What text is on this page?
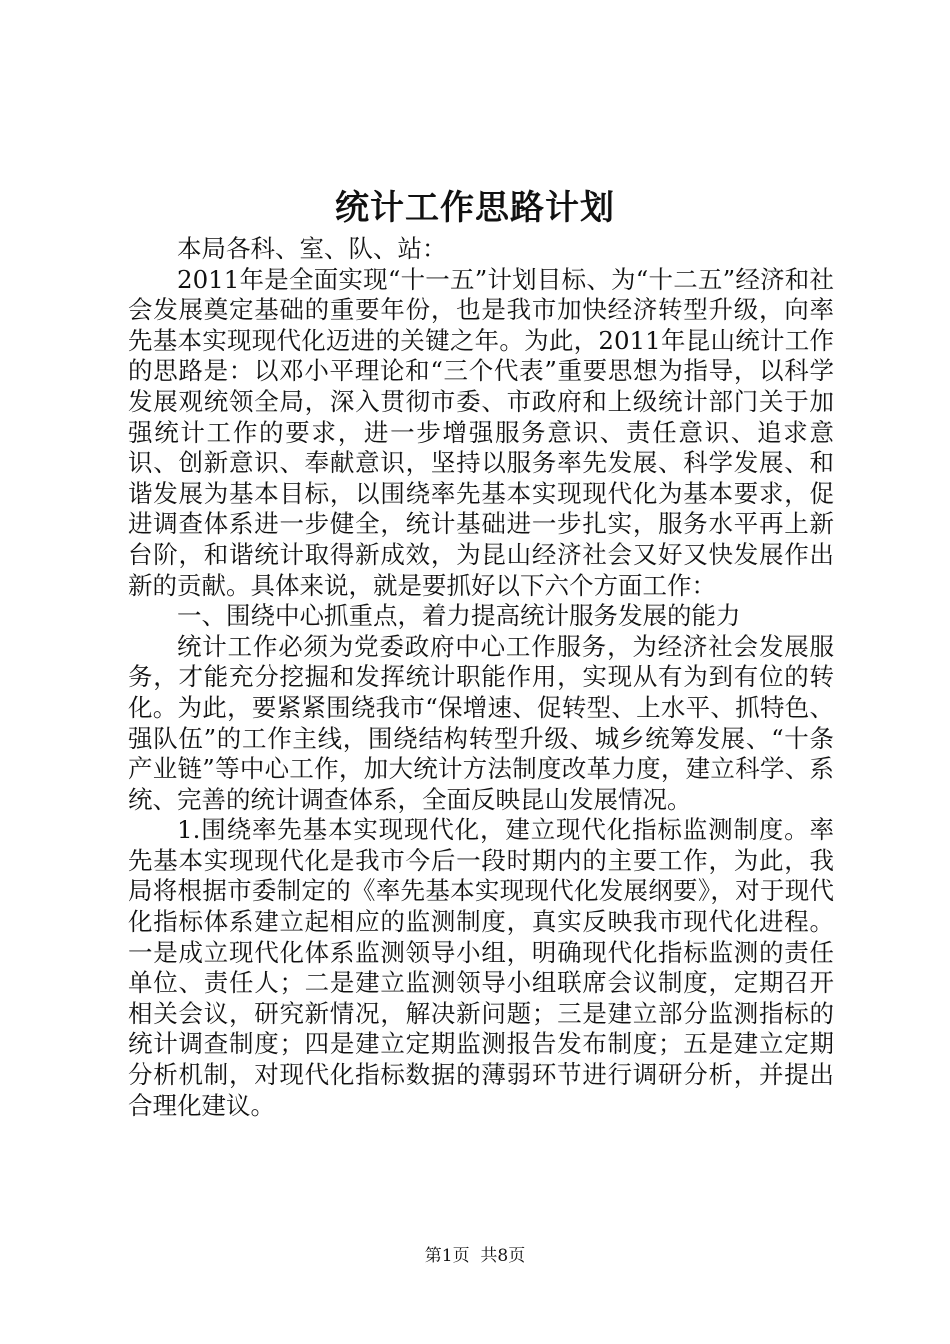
统计工作思路计划

本局各科、室、队、站：

2011年是全面实现“十一五”计划目标、为“十二五”经济和社会发展奠定基础的重要年份，也是我市加快经济转型升级，向率先基本实现现代化迈进的关键之年。为此，2011年昆山统计工作的思路是：以邓小平理论和“三个代表”重要思想为指导，以科学发展观统领全局，深入贯彻市委、市政府和上级统计部门关于加强统计工作的要求，进一步增强服务意识、责任意识、追求意识、创新意识、奉献意识，坚持以服务率先发展、科学发展、和谐发展为基本目标，以围绕率先基本实现现代化为基本要求，促进调查体系进一步健全，统计基础进一步扎实，服务水平再上新台阶，和谐统计取得新成效，为昆山经济社会又好又快发展作出新的贡献。具体来说，就是要抓好以下六个方面工作：

一、围绕中心抓重点，着力提高统计服务发展的能力

统计工作必须为党委政府中心工作服务，为经济社会发展服务，才能充分挖掘和发挥统计职能作用，实现从有为到有位的转化。为此，要紧紧围绕我市“保增速、促转型、上水平、抓特色、强队伍”的工作主线，围绕结构转型升级、城乡统筹发展、“十条产业链”等中心工作，加大统计方法制度改革力度，建立科学、系统、完善的统计调查体系，全面反映昆山发展情况。

1.围绕率先基本实现现代化，建立现代化指标监测制度。率先基本实现现代化是我市今后一段时期内的主要工作，为此，我局将根据市委制定的《率先基本实现现代化发展纲要》，对于现代化指标体系建立起相应的监测制度，真实反映我市现代化进程。一是成立现代化体系监测领导小组，明确现代化指标监测的责任单位、责任人；二是建立监测领导小组联席会议制度，定期召开相关会议，研究新情况，解决新问题；三是建立部分监测指标的统计调查制度；四是建立定期监测报告发布制度；五是建立定期分析机制，对现代化指标数据的薄弱环节进行调研分析，并提出合理化建议。

第1页  共8页
